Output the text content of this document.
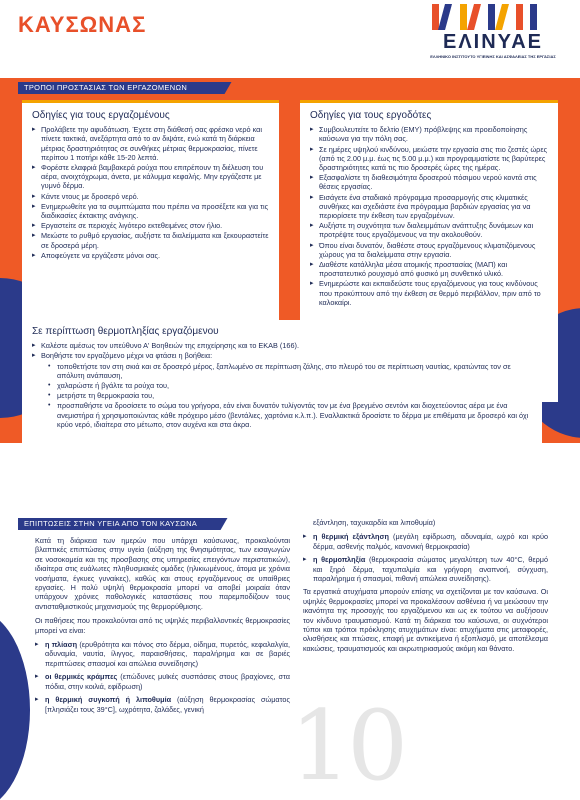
ΚΑΥΣΩΝΑΣ
ΕΛΙΝΥΑΕ
ΕΛΛΗΝΙΚΟ ΙΝΣΤΙΤΟΥΤΟ ΥΓΙΕΙΝΗΣ ΚΑΙ ΑΣΦΑΛΕΙΑΣ ΤΗΣ ΕΡΓΑΣΙΑΣ
ΤΡΟΠΟΙ ΠΡΟΣΤΑΣΙΑΣ ΤΩΝ ΕΡΓΑΖΟΜΕΝΩΝ
Οδηγίες για τους εργαζομένους
▸ Προλάβετε την αφυδάτωση. Έχετε στη διάθεσή σας φρέσκο νερό και πίνετε τακτικά, ανεξάρτητα από το αν διψάτε, ενώ κατά τη διάρκεια μέτριας δραστηριότητας σε συνθήκες μέτριας θερμοκρασίας, πίνετε περίπου 1 ποτήρι κάθε 15-20 λεπτά.
▸ Φορέστε ελαφριά βαμβακερά ρούχα που επιτρέπουν τη διέλευση του αέρα, ανοιχτόχρωμα, άνετα, με κάλυμμα κεφαλής. Μην εργάζεστε με γυμνό δέρμα.
▸ Κάντε ντους με δροσερό νερό.
▸ Ενημερωθείτε για τα συμπτώματα που πρέπει να προσέξετε και για τις διαδικασίες έκτακτης ανάγκης.
▸ Εργαστείτε σε περιοχές λιγότερο εκτεθειμένες στον ήλιο.
▸ Μειώστε το ρυθμό εργασίας, αυξήστε τα διαλείμματα και ξεκουραστείτε σε δροσερά μέρη.
▸ Αποφεύγετε να εργάζεστε μόνοι σας.
Οδηγίες για τους εργοδότες
▸ Συμβουλευτείτε το δελτίο (ΕΜΥ) πρόβλεψης και προειδοποίησης καύσωνα για την πόλη σας.
▸ Σε ημέρες υψηλού κινδύνου, μειώστε την εργασία στις πιο ζεστές ώρες (από τις 2.00 μ.μ. έως τις 5.00 μ.μ.) και προγραμματίστε τις βαρύτερες δραστηριότητες κατά τις πιο δροσερές ώρες της ημέρας.
▸ Εξασφαλίστε τη διαθεσιμότητα δροσερού πόσιμου νερού κοντά στις θέσεις εργασίας.
▸ Εισάγετε ένα σταδιακό πρόγραμμα προσαρμογής στις κλιματικές συνθήκες και σχεδιάστε ένα πρόγραμμα βαρδιών εργασίας για να περιορίσετε την έκθεση των εργαζομένων.
▸ Αυξήστε τη συχνότητα των διαλειμμάτων ανάπτυξης δυνάμεων και προτρέψτε τους εργαζόμενους να την ακολουθούν.
▸ Όπου είναι δυνατόν, διαθέστε στους εργαζόμενους κλιματιζόμενους χώρους για τα διαλείμματα στην εργασία.
▸ Διαθέστε κατάλληλα μέσα ατομικής προστασίας (ΜΑΠ) και προστατευτικό ρουχισμό από φυσικό μη συνθετικό υλικό.
▸ Ενημερώστε και εκπαιδεύστε τους εργαζόμενους για τους κινδύνους που προκύπτουν από την έκθεση σε θερμό περιβάλλον, πριν από το καλοκαίρι.
Σε περίπτωση θερμοπληξίας εργαζόμενου
▸ Καλέστε αμέσως τον υπεύθυνο Α' Βοηθειών της επιχείρησης και το ΕΚΑΒ (166).
▸ Βοηθήστε τον εργαζόμενο μέχρι να φτάσει η βοήθεια:
• τοποθετήστε τον στη σκιά και σε δροσερό μέρος, ξαπλωμένο σε περίπτωση ζάλης, στο πλευρό του σε περίπτωση ναυτίας, κρατώντας τον σε απόλυτη ανάπαυση,
• χαλαρώστε ή βγάλτε τα ρούχα του,
• μετρήστε τη θερμοκρασία του,
• προσπαθήστε να δροσίσετε το σώμα του γρήγορα, εάν είναι δυνατόν τυλίγοντάς τον με ένα βρεγμένο σεντόνι και διοχετεύοντας αέρα με ένα ανεμιστήρα ή χρησιμοποιώντας κάθε πρόχειρο μέσο (βεντάλιες, χαρτόνια κ.λ.π.). Εναλλακτικά δροσίστε το δέρμα με επιθέματα με δροσερό και όχι κρύο νερό, ιδιαίτερα στο μέτωπο, στον αυχένα και στα άκρα.
ΕΠΙΠΤΩΣΕΙΣ ΣΤΗΝ ΥΓΕΙΑ ΑΠΟ ΤΟΝ ΚΑΥΣΩΝΑ
10

Κατά τη διάρκεια των ημερών που υπάρχει καύσωνας, προκαλούνται βλαπτικές επιπτώσεις στην υγεία (αύξηση της θνησιμότητας, των εισαγωγών σε νοσοκομεία και της προσβασης στις υπηρεσίες επειγόντων περιστατικών), ιδιαίτερα στις ευάλωτες πληθυσμιακές ομάδες (ηλικιωμένους, άτομα με χρόνια νοσήματα, έγκυες γυναίκες), καθώς και στους εργαζόμενους σε υπαίθριες εργασίες. Η πολύ υψηλή θερμοκρασία μπορεί να αποβεί μοιραία όταν υπάρχουν χρόνιες παθολογικές καταστάσεις που παρεμποδίζουν τους αντισταθμιστικούς μηχανισμούς της θερμορύθμισης.

Οι παθήσεις που προκαλούνται από τις υψηλές περιβαλλοντικές θερμοκρασίες μπορεί να είναι:

▸ η πλίαση (ερυθρότητα και πόνος στο δέρμα, οίδημα, πυρετός, κεφαλαλγία, αδυναμία, ναυτία, ίλιγγος, παραισθήσεις, παραλήρημα και σε βαριές περιπτώσεις σπασμοί και απώλεια συνείδησης)
▸ οι θερμικές κράμπες (επώδυνες μυϊκές συσπάσεις στους βραχίονες, στα πόδια, στην κοιλιά, εφίδρωση)
▸ η θερμική συγκοπή ή λιποθυμία (αύξηση θερμοκρασίας σώματος [πλησιάζει τους 39°C], ωχρότητα, ζαλάδες, γενική

εξάντληση, ταχυκαρδία και λιποθυμία)

▸ η θερμική εξάντληση (μεγάλη εφίδρωση, αδυναμία, ωχρό και κρύο δέρμα, ασθενής παλμός, κανονική θερμοκρασία)
▸ η θερμοπληξία (θερμοκρασία σώματος μεγαλύτερη των 40°C, θερμό και ξηρό δέρμα, ταχυπαλμία και γρήγορη αναπνοή, σύγχυση, παραλήρημα ή σπασμοί, πιθανή απώλεια συνείδησης).

Τα εργατικά ατυχήματα μπορούν επίσης να σχετίζονται με τον καύσωνα. Οι υψηλές θερμοκρασίες μπορεί να προκαλέσουν ασθένεια ή να μειώσουν την ικανότητα της προσοχής του εργαζόμενου και ως εκ τούτου να αυξήσουν τον κίνδυνο τραυματισμού. Κατά τη διάρκεια του καύσωνα, οι συχνότεροι τύποι και τρόποι πρόκλησης ατυχημάτων είναι: ατυχήματα στις μεταφορές, ολισθήσεις και πτώσεις, επαφή με αντικείμενα ή εξοπλισμό, με αποτέλεσμα κακώσεις, τραυματισμούς και ακρωτηριασμούς ακόμη και θάνατο.
